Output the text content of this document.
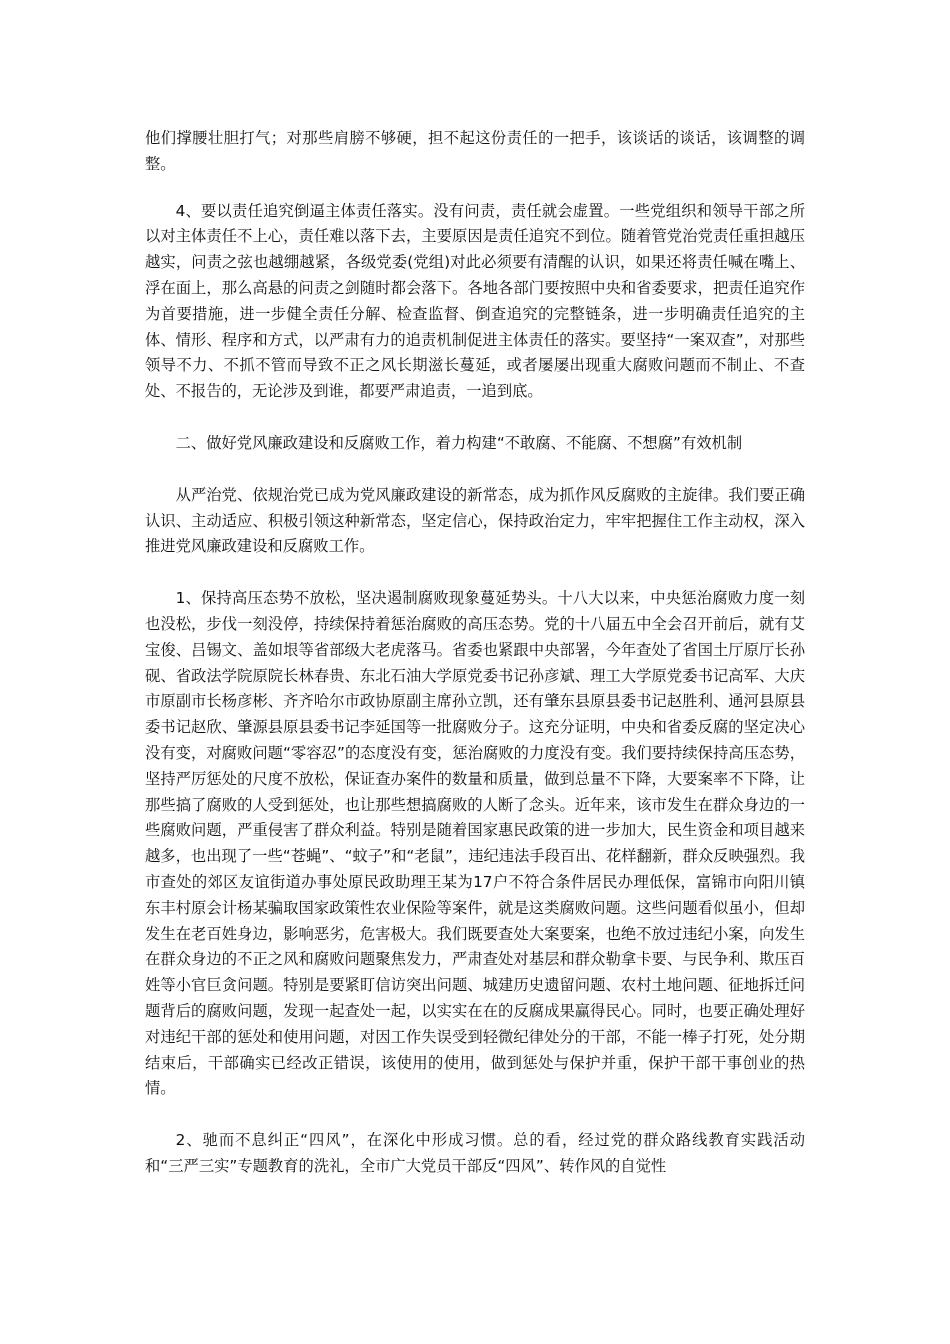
他们撑腰壮胆打气；对那些肩膀不够硬，担不起这份责任的一把手，该谈话的谈话，该调整的调整。

4、要以责任追究倒逼主体责任落实。没有问责，责任就会虚置。一些党组织和领导干部之所以对主体责任不上心，责任难以落下去，主要原因是责任追究不到位。随着管党治党责任重担越压越实，问责之弦也越绷越紧，各级党委(党组)对此必须要有清醒的认识，如果还将责任喊在嘴上、浮在面上，那么高悬的问责之剑随时都会落下。各地各部门要按照中央和省委要求，把责任追究作为首要措施，进一步健全责任分解、检查监督、倒查追究的完整链条，进一步明确责任追究的主体、情形、程序和方式，以严肃有力的追责机制促进主体责任的落实。要坚持“一案双查”，对那些领导不力、不抓不管而导致不正之风长期滋长蔓延，或者屡屡出现重大腐败问题而不制止、不查处、不报告的，无论涉及到谁，都要严肃追责，一追到底。

二、做好党风廉政建设和反腐败工作，着力构建“不敢腐、不能腐、不想腐”有效机制

从严治党、依规治党已成为党风廉政建设的新常态，成为抓作风反腐败的主旋律。我们要正确认识、主动适应、积极引领这种新常态，坚定信心，保持政治定力，牢牢把握住工作主动权，深入推进党风廉政建设和反腐败工作。

1、保持高压态势不放松，坚决遏制腐败现象蔓延势头。十八大以来，中央惩治腐败力度一刻也没松，步伐一刻没停，持续保持着惩治腐败的高压态势。党的十八届五中全会召开前后，就有艾宝俊、吕锡文、盖如垠等省部级大老虎落马。省委也紧跟中央部署，今年查处了省国土厅原厅长孙砚、省政法学院原院长林春贵、东北石油大学原党委书记孙彦斌、理工大学原党委书记高军、大庆市原副市长杨彦彬、齐齐哈尔市政协原副主席孙立凯，还有肇东县原县委书记赵胜利、通河县原县委书记赵欣、肇源县原县委书记李延国等一批腐败分子。这充分证明，中央和省委反腐的坚定决心没有变，对腐败问题“零容忍”的态度没有变，惩治腐败的力度没有变。我们要持续保持高压态势，坚持严厉惩处的尺度不放松，保证查办案件的数量和质量，做到总量不下降，大要案率不下降，让那些搞了腐败的人受到惩处，也让那些想搞腐败的人断了念头。近年来，该市发生在群众身边的一些腐败问题，严重侵害了群众利益。特别是随着国家惠民政策的进一步加大，民生资金和项目越来越多，也出现了一些“苍蝇”、“蚊子”和“老鼠”，违纪违法手段百出、花样翻新，群众反映强烈。我市查处的郊区友谊街道办事处原民政助理王某为17户不符合条件居民办理低保，富锦市向阳川镇东丰村原会计杨某骗取国家政策性农业保险等案件，就是这类腐败问题。这些问题看似虽小，但却发生在老百姓身边，影响恶劣，危害极大。我们既要查处大案要案，也绝不放过违纪小案，向发生在群众身边的不正之风和腐败问题聚焦发力，严肃查处对基层和群众勒拿卡要、与民争利、欺压百姓等小官巨贪问题。特别是要紧盯信访突出问题、城建历史遗留问题、农村土地问题、征地拆迁问题背后的腐败问题，发现一起查处一起，以实实在在的反腐成果赢得民心。同时，也要正确处理好对违纪干部的惩处和使用问题，对因工作失误受到轻微纪律处分的干部，不能一棒子打死，处分期结束后，干部确实已经改正错误，该使用的使用，做到惩处与保护并重，保护干部干事创业的热情。

2、驰而不息纠正“四风”，在深化中形成习惯。总的看，经过党的群众路线教育实践活动和“三严三实”专题教育的洗礼，全市广大党员干部反“四风”、转作风的自觉性
